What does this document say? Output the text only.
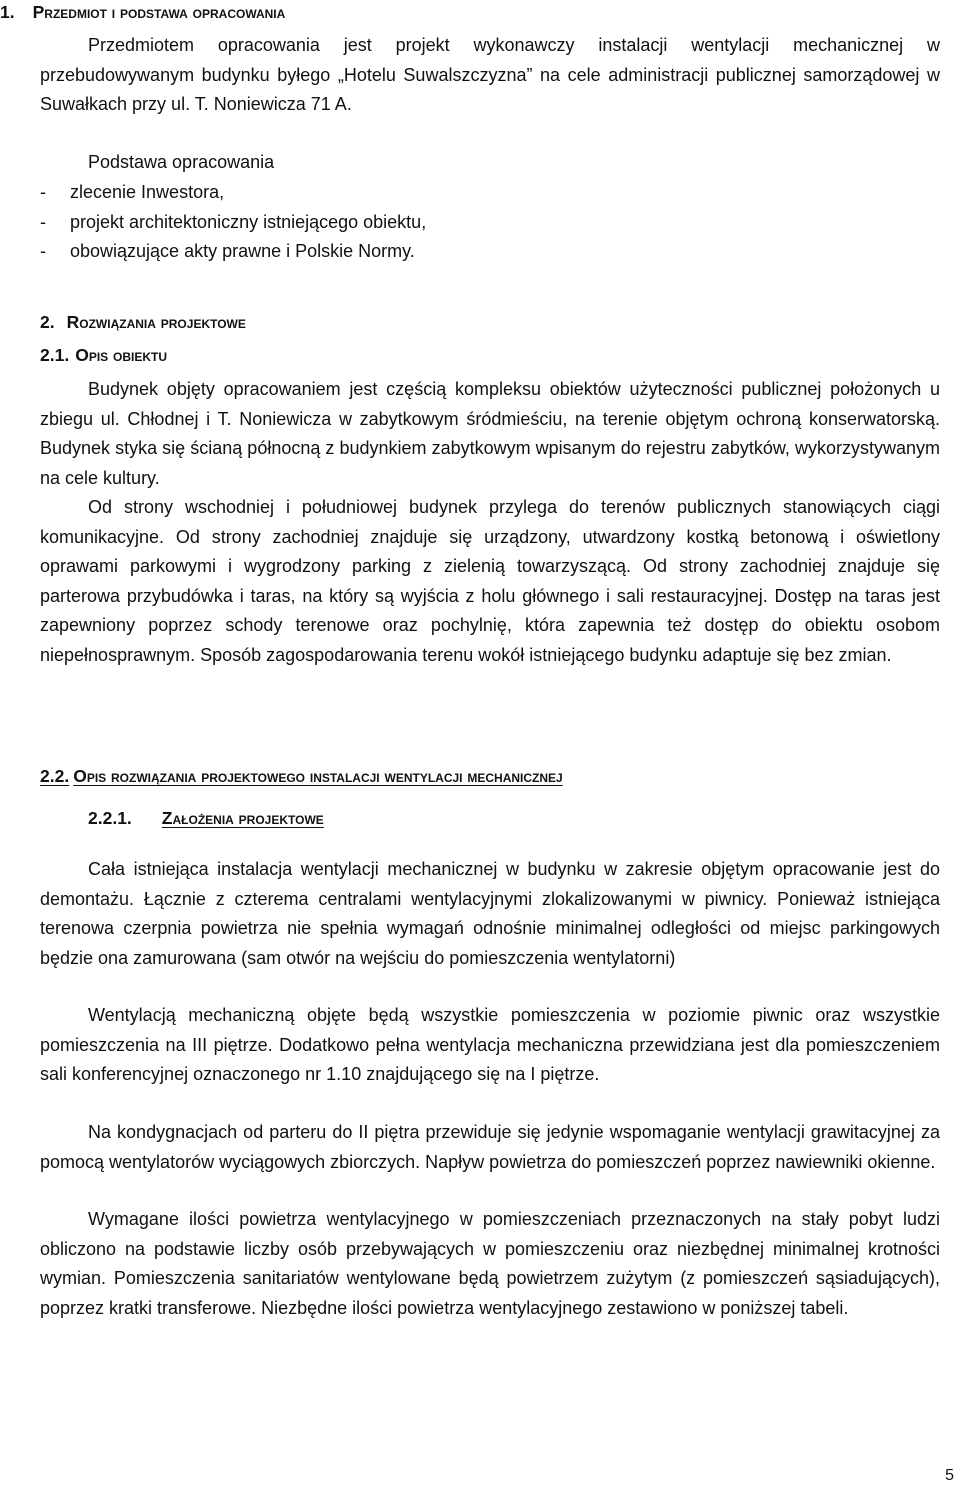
1. Przedmiot i podstawa opracowania
Przedmiotem opracowania jest projekt wykonawczy instalacji wentylacji mechanicznej w przebudowywanym budynku byłego „Hotelu Suwalszczyzna” na cele administracji publicznej samorządowej w Suwałkach przy ul. T. Noniewicza 71 A.
Podstawa opracowania
- zlecenie Inwestora,
- projekt architektoniczny istniejącego obiektu,
- obowiązujące akty prawne i Polskie Normy.
2. Rozwiązania projektowe
2.1. Opis obiektu
Budynek objęty opracowaniem jest częścią kompleksu obiektów użyteczności publicznej położonych u zbiegu ul. Chłodnej i T. Noniewicza w zabytkowym śródmieściu, na terenie objętym ochroną konserwatorską. Budynek styka się ścianą północną z budynkiem zabytkowym wpisanym do rejestru zabytków, wykorzystywanym na cele kultury.
Od strony wschodniej i południowej budynek przylega do terenów publicznych stanowiących ciągi komunikacyjne. Od strony zachodniej znajduje się urządzony, utwardzony kostką betonową i oświetlony oprawami parkowymi i wygrodzony parking z zielenią towarzyszącą. Od strony zachodniej znajduje się parterowa przybudówka i taras, na który są wyjścia z holu głównego i sali restauracyjnej. Dostęp na taras jest zapewniony poprzez schody terenowe oraz pochylnię, która zapewnia też dostęp do obiektu osobom niepełnosprawnym. Sposób zagospodarowania terenu wokół istniejącego budynku adaptuje się bez zmian.
2.2. Opis rozwiązania projektowego instalacji wentylacji mechanicznej
2.2.1. Założenia projektowe
Cała istniejąca instalacja wentylacji mechanicznej w budynku w zakresie objętym opracowanie jest do demontażu. Łącznie z czterema centralami wentylacyjnymi zlokalizowanymi w piwnicy. Ponieważ istniejąca terenowa czerpnia powietrza nie spełnia wymagań odnośnie minimalnej odległości od miejsc parkingowych będzie ona zamurowana (sam otwór na wejściu do pomieszczenia wentylatorni)
Wentylacją mechaniczną objęte będą wszystkie pomieszczenia w poziomie piwnic oraz wszystkie pomieszczenia na III piętrze. Dodatkowo pełna wentylacja mechaniczna przewidziana jest dla pomieszczeniem sali konferencyjnej oznaczonego nr 1.10 znajdującego się na I piętrze.
Na kondygnacjach od parteru do II piętra przewiduje się jedynie wspomaganie wentylacji grawitacyjnej za pomocą wentylatorów wyciągowych zbiorczych. Napływ powietrza do pomieszczeń poprzez nawiewniki okienne.
Wymagane ilości powietrza wentylacyjnego w pomieszczeniach przeznaczonych na stały pobyt ludzi obliczono na podstawie liczby osób przebywających w pomieszczeniu oraz niezbędnej minimalnej krotności wymian. Pomieszczenia sanitariatów wentylowane będą powietrzem zużytym (z pomieszczeń sąsiadujących), poprzez kratki transferowe. Niezbędne ilości powietrza wentylacyjnego zestawiono w poniższej tabeli.
5
